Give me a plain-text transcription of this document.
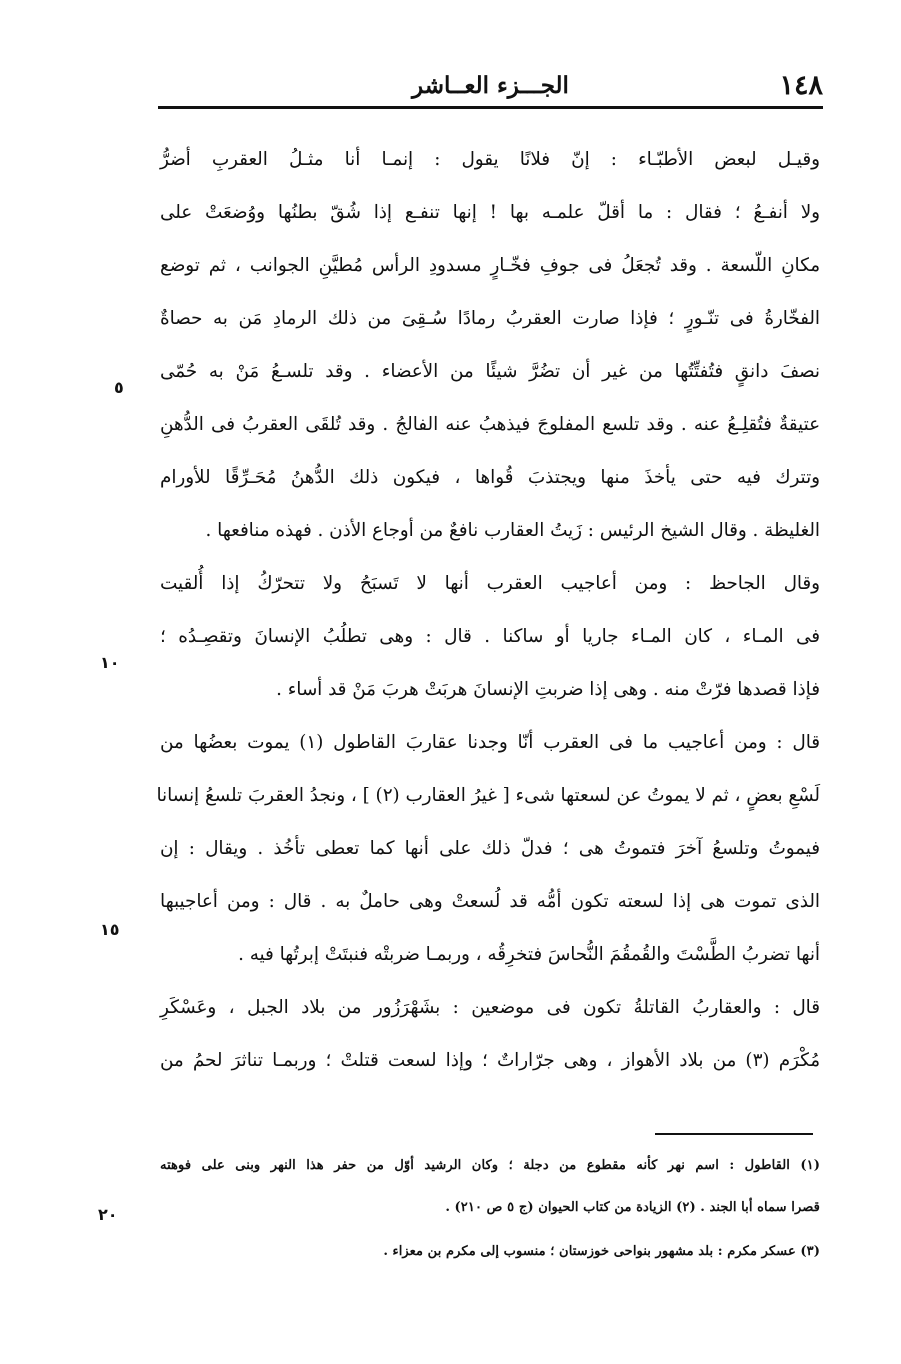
١٤٨
الجـــزء العــاشر
وقيـل لبعض الأطبّـاء : إنّ فلانًا يقول : إنمـا أنا مثـلُ العقربِ أضرُّ
ولا أنفـعُ ؛ فقال : ما أقلّ علمـه بها ! إنها تنفـع إذا شُقّ بطنُها ووُضعَتْ على
مكانِ اللّسعة . وقد تُجعَلُ فى جوفِ فخّـارٍ مسدودِ الرأس مُطيَّنِ الجوانب ، ثم توضع
الفخّارةُ فى تنّـورٍ ؛ فإذا صارت العقربُ رمادًا سُـقِىَ من ذلك الرمادِ مَن به حصاةٌ
نصفَ دانقٍ فتُفتِّتُها من غير أن تضُرَّ شيئًا من الأعضاء . وقد تلسـعُ مَنْ به حُمّى
عتيقةٌ فتُقلِـعُ عنه . وقد تلسع المفلوجَ فيذهبُ عنه الفالجُ . وقد تُلقَى العقربُ فى الدُّهنِ
وتترك فيه حتى يأخذَ منها ويجتذبَ قُواها ، فيكون ذلك الدُّهنُ مُحَـرِّقًا للأورام
الغليظة . وقال الشيخ الرئيس : زَيتُ العقارب نافعٌ من أوجاع الأذن . فهذه منافعها .
وقال الجاحظ : ومن أعاجيب العقرب أنها لا تَسبَحُ ولا تتحرّكُ إذا أُلقيت
فى المـاء ، كان المـاء جاريا أو ساكنا . قال : وهى تطلُبُ الإنسانَ وتقصِـدُه ؛
فإذا قصدها فرّتْ منه . وهى إذا ضربتِ الإنسانَ هربَتْ هربَ مَنْ قد أساء .
قال : ومن أعاجيب ما فى العقرب أنّا وجدنا عقاربَ القاطول (١) يموت بعضُها من
لَسْعِ بعضٍ ، ثم لا يموتُ عن لسعتها شىء [ غيرُ العقارب (٢) ] ، ونجدُ العقربَ تلسعُ إنسانا
فيموتُ وتلسعُ آخرَ فتموتُ هى ؛ فدلّ ذلك على أنها كما تعطى تأخُذ . ويقال : إن
الذى تموت هى إذا لسعته تكون أمُّه قد لُسعتْ وهى حاملٌ به . قال : ومن أعاجيبها
أنها تضربُ الطَّسْتَ والقُمقُمَ النُّحاسَ فتخرِقُه ، وربمـا ضربتْه فنبتَتْ إبرتُها فيه .
قال : والعقاربُ القاتلةُ تكون فى موضعين : بشَهْرَزُور من بلاد الجبل ، وعَسْكَرِ
مُكْرَم (٣) من بلاد الأهواز ، وهى جرّاراتٌ ؛ وإذا لسعت قتلتْ ؛ وربمـا تناثرَ لحمُ من
٥
١٠
١٥
٢٠
(١) القاطول : اسم نهر كأنه مقطوع من دجلة ؛ وكان الرشيد أوّل من حفر هذا النهر وبنى على فوهته
قصرا سماه أبا الجند . (٢) الزيادة من كتاب الحيوان (ج ٥ ص ٢١٠) .
(٣) عسكر مكرم : بلد مشهور بنواحى خوزستان ؛ منسوب إلى مكرم بن معزاء .
